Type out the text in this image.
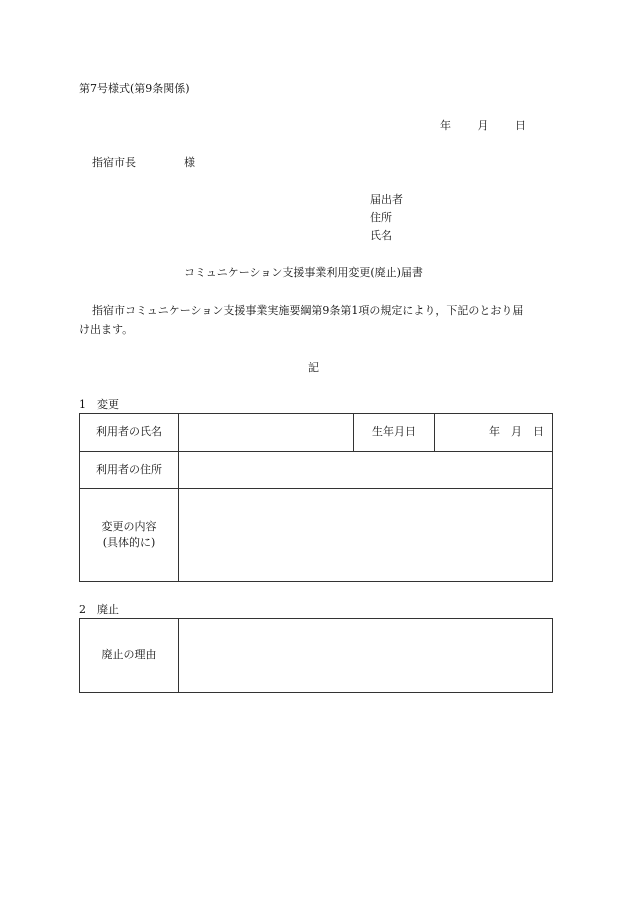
第7号様式(第9条関係)
年　 月　 日
指宿市長	様
届出者
住所
氏名
コミュニケーション支援事業利用変更(廃止)届書
指宿市コミュニケーション支援事業実施要綱第9条第1項の規定により，下記のとおり届
け出ます。
記
1　変更
利用者の氏名		生年月日	年　月　日
利用者の住所			

変更の内容
(具体的に)			

2　廃止
廃止の理由	
